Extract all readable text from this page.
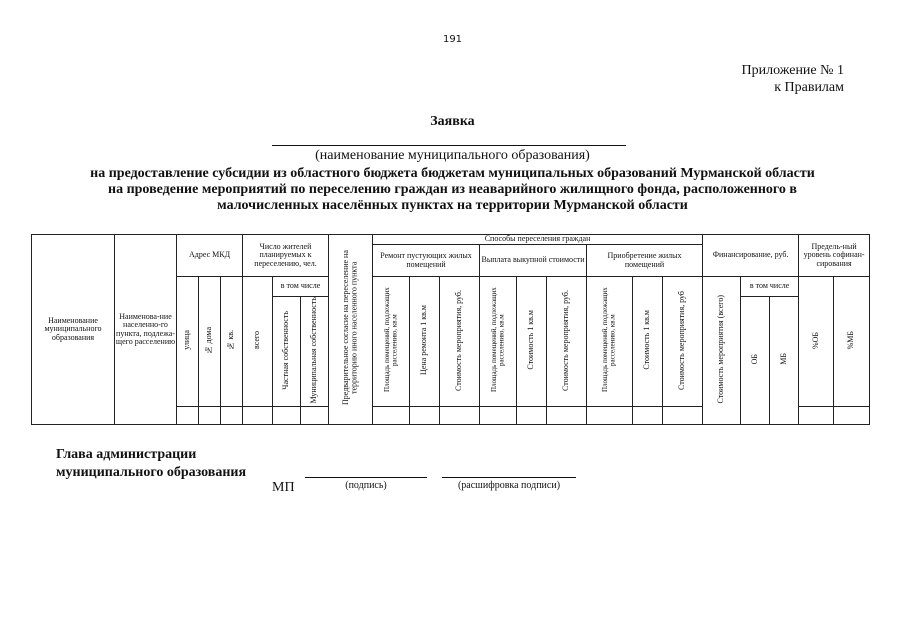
191
Приложение № 1
к Правилам
Заявка
(наименование муниципального образования)
на предоставление субсидии из областного бюджета бюджетам муниципальных образований Мурманской области
на проведение мероприятий по переселению граждан из неаварийного жилищного фонда, расположенного в
малочисленных населённых пунктах на территории Мурманской области
Наименование муниципального образования	Наименова-ние населенно-го пункта, подлежа-щего расселению	Адрес МКД			Число жителей планируемых к переселению, чел.			Предварительное согласие на переселение на территорию иного населенного пункта	Способы переселения граждан									Финансирование, руб.			Предель-ный уровень софинан-сирования		
									Ремонт пустующих жилых помещений			Выплата выкупной стоимости			Приобретение жилых помещений								
		улица	№ дома	№ кв.	всего	в том числе			Площадь помещений, подлежащих расселению, кв.м	Цена ремонта 1 кв.м	Стоимость мероприятия, руб.	Площадь помещений, подлежащих расселению, кв.м	Стоимость 1 кв.м	Стоимость мероприятия, руб.	Площадь помещений, подлежащих расселению, кв.м	Стоимость 1 кв.м	Стоимость мероприятия, руб	Стоимость мероприятия (всего)	в том числе		%ОБ	%МБ	
						Частная собственность	Муниципальная собственность												ОБ	МБ			

Глава администрации
муниципального образования
МП	(подпись)	(расшифровка подписи)
